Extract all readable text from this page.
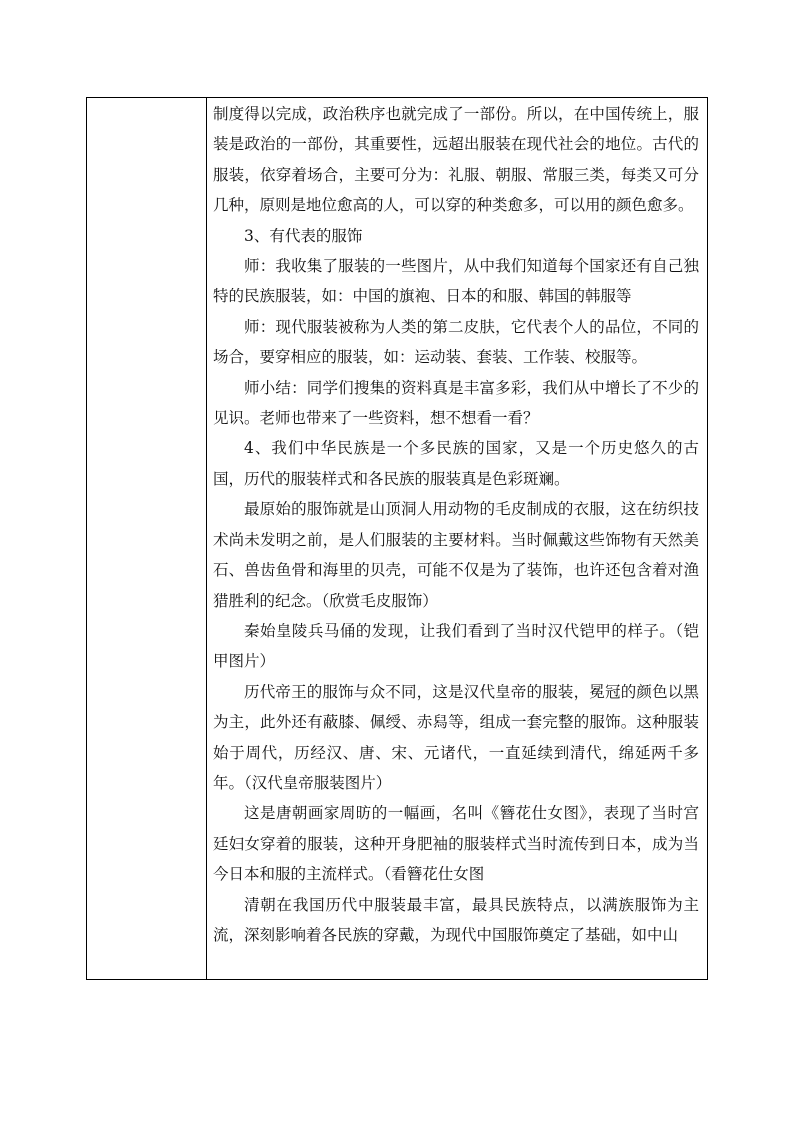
制度得以完成，政治秩序也就完成了一部份。所以，在中国传统上，服装是政治的一部份，其重要性，远超出服装在现代社会的地位。古代的服装，依穿着场合，主要可分为：礼服、朝服、常服三类，每类又可分几种，原则是地位愈高的人，可以穿的种类愈多，可以用的颜色愈多。

3、有代表的服饰

师：我收集了服装的一些图片，从中我们知道每个国家还有自己独特的民族服装，如：中国的旗袍、日本的和服、韩国的韩服等

师：现代服装被称为人类的第二皮肤，它代表个人的品位，不同的场合，要穿相应的服装，如：运动装、套装、工作装、校服等。

师小结：同学们搜集的资料真是丰富多彩，我们从中增长了不少的见识。老师也带来了一些资料，想不想看一看？

4、我们中华民族是一个多民族的国家，又是一个历史悠久的古国，历代的服装样式和各民族的服装真是色彩斑斓。

最原始的服饰就是山顶洞人用动物的毛皮制成的衣服，这在纺织技术尚未发明之前，是人们服装的主要材料。当时佩戴这些饰物有天然美石、兽齿鱼骨和海里的贝壳，可能不仅是为了装饰，也许还包含着对渔猎胜利的纪念。（欣赏毛皮服饰）

秦始皇陵兵马俑的发现，让我们看到了当时汉代铠甲的样子。（铠甲图片）

历代帝王的服饰与众不同，这是汉代皇帝的服装，冕冠的颜色以黑为主，此外还有蔽膝、佩绶、赤舄等，组成一套完整的服饰。这种服装始于周代，历经汉、唐、宋、元诸代，一直延续到清代，绵延两千多年。（汉代皇帝服装图片）

这是唐朝画家周昉的一幅画，名叫《簪花仕女图》，表现了当时宫廷妇女穿着的服装，这种开身肥袖的服装样式当时流传到日本，成为当今日本和服的主流样式。（看簪花仕女图

清朝在我国历代中服装最丰富，最具民族特点，以满族服饰为主流，深刻影响着各民族的穿戴，为现代中国服饰奠定了基础，如中山
